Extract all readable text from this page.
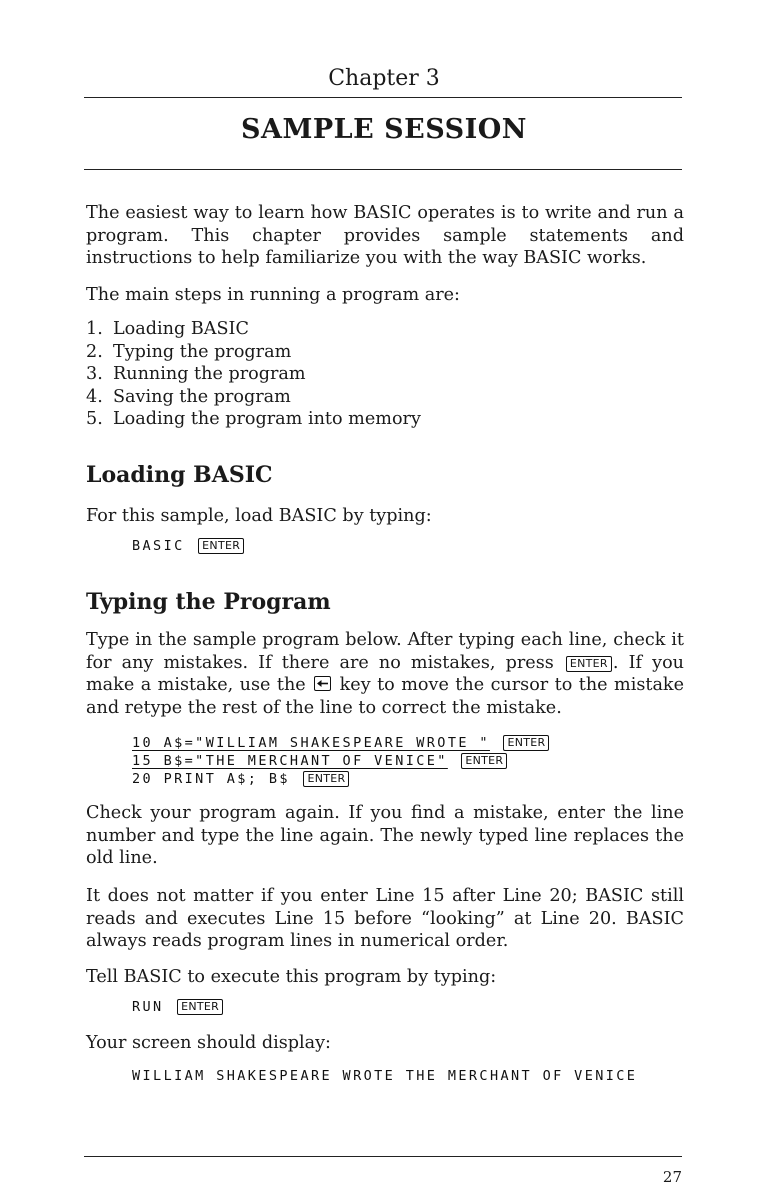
Chapter 3
SAMPLE SESSION

The easiest way to learn how BASIC operates is to write and run a program. This chapter provides sample statements and instructions to help familiarize you with the way BASIC works.

The main steps in running a program are:

1. Loading BASIC
2. Typing the program
3. Running the program
4. Saving the program
5. Loading the program into memory
Loading BASIC

For this sample, load BASIC by typing:

BASIC ENTER
Typing the Program

Type in the sample program below. After typing each line, check it for any mistakes. If there are no mistakes, press ENTER . If you make a mistake, use the key to move the cursor to the mistake and retype the rest of the line to correct the mistake.

10 A$="WILLIAM SHAKESPEARE WROTE " ENTER
15 B$="THE MERCHANT OF VENICE" ENTER
20 PRINT A$; B$ ENTER

Check your program again. If you find a mistake, enter the line number and type the line again. The newly typed line replaces the old line.

It does not matter if you enter Line 15 after Line 20; BASIC still reads and executes Line 15 before “looking” at Line 20. BASIC always reads program lines in numerical order.

Tell BASIC to execute this program by typing:

RUN ENTER

Your screen should display:

WILLIAM SHAKESPEARE WROTE THE MERCHANT OF VENICE
27
